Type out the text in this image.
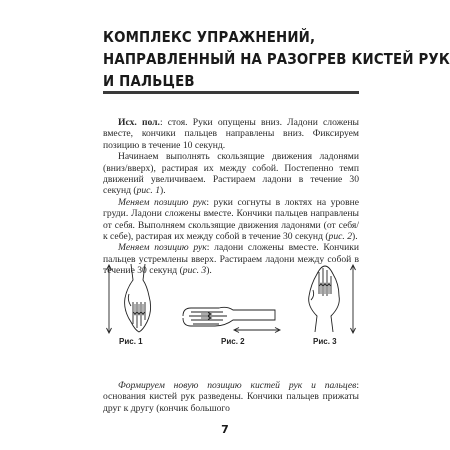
КОМПЛЕКС УПРАЖНЕНИЙ,
НАПРАВЛЕННЫЙ НА РАЗОГРЕВ КИСТЕЙ РУК
И ПАЛЬЦЕВ

Исх. пол.: стоя. Руки опущены вниз. Ладони сложены вместе, кончики пальцев направлены вниз. Фиксируем позицию в течение 10 секунд.

Начинаем выполнять скользящие движения ладонями (вниз/вверх), растирая их между собой. Постепенно темп движений увеличиваем. Растираем ладони в течение 30 секунд (рис. 1).

Меняем позицию рук: руки согнуты в локтях на уровне груди. Ладони сложены вместе. Кончики пальцев направлены от себя. Выполняем скользящие движения ладонями (от себя/к себе), растирая их между собой в течение 30 секунд (рис. 2).

Меняем позицию рук: ладони сложены вместе. Кончики пальцев устремлены вверх. Растираем ладони между собой в течение 30 секунд (рис. 3).

Рис. 1	Рис. 2	Рис. 3

Формируем новую позицию кистей рук и пальцев: основания кистей рук разведены. Кончики пальцев прижаты друг к другу (кончик большого

7
